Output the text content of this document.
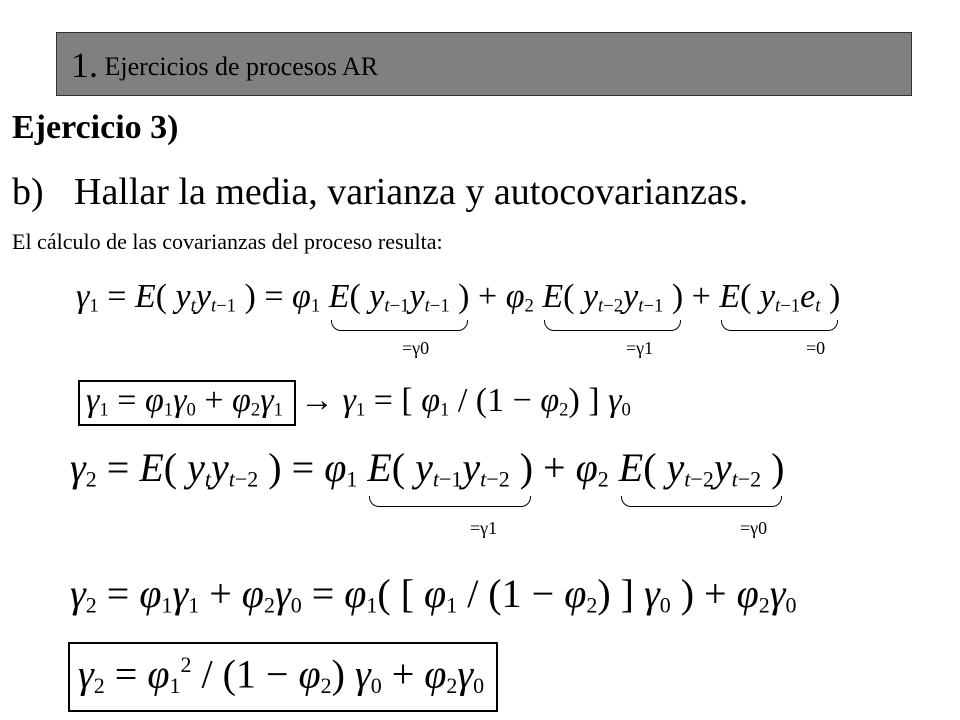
1. Ejercicios de procesos AR
Ejercicio 3)
b) Hallar la media, varianza y autocovarianzas.
El cálculo de las covarianzas del proceso resulta:
$\gamma_1 = E$( $y_ty_{t-1}$ ) = $\varphi_1$ E( $y_{t-1}y_{t-1}$ )
+ $\varphi_2$ E( $y_{t-2}y_{t-1}$ )
+ E( $y_{t-1}e_t$ )
=γ0	=γ1	=0
$\gamma_1 = \varphi_1\gamma_0 + \varphi_2\gamma_1 \to \gamma_1$ = [ $\varphi_1 / (1 - \varphi_2)$ ] $\gamma_0$
$\gamma_2 = E$( $y_ty_{t-2}$ ) = $\varphi_1$ E( $y_{t-1}y_{t-2}$ )
+ $\varphi_2$ E( $y_{t-2}y_{t-2}$ )
=γ1	=γ0
$\gamma_2 = \varphi_1\gamma_1 + \varphi_2\gamma_0 = \varphi_1$( [ $\varphi_1 / (1 - \varphi_2)$ ] $\gamma_0$ ) + $\varphi_2\gamma_0$
$\gamma_2 = \varphi_1^2 / (1 - \varphi_2) \gamma_0 + \varphi_2\gamma_0$
